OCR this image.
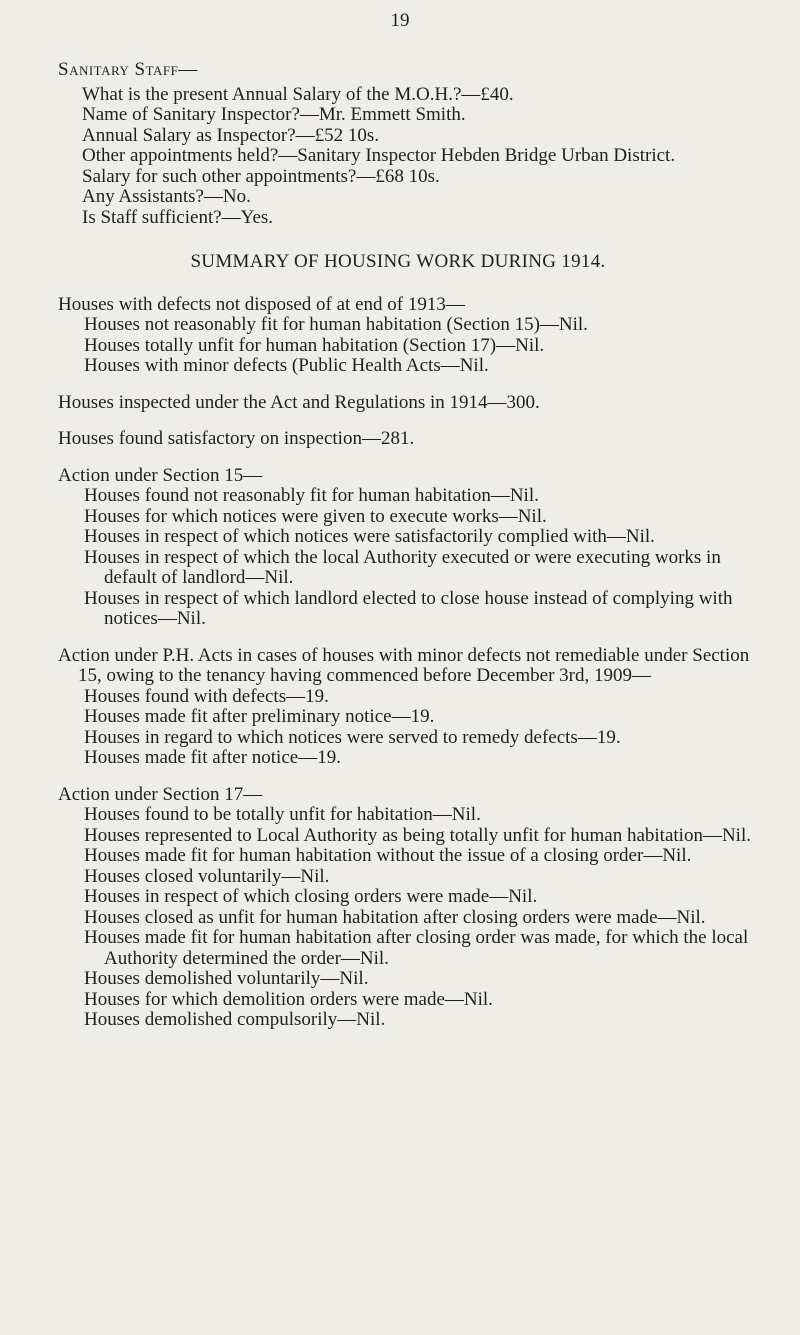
19
Sanitary Staff—

What is the present Annual Salary of the M.O.H.?—£40.

Name of Sanitary Inspector?—Mr. Emmett Smith.

Annual Salary as Inspector?—£52 10s.

Other appointments held?—Sanitary Inspector Hebden Bridge Urban District.

Salary for such other appointments?—£68 10s.

Any Assistants?—No.

Is Staff sufficient?—Yes.

SUMMARY OF HOUSING WORK DURING 1914.

Houses with defects not disposed of at end of 1913—

Houses not reasonably fit for human habitation (Section 15)—Nil.

Houses totally unfit for human habitation (Section 17)—Nil.

Houses with minor defects (Public Health Acts—Nil.

Houses inspected under the Act and Regulations in 1914—300.

Houses found satisfactory on inspection—281.

Action under Section 15—

Houses found not reasonably fit for human habitation—Nil.

Houses for which notices were given to execute works—Nil.

Houses in respect of which notices were satisfactorily complied with—Nil.

Houses in respect of which the local Authority executed or were executing works in default of landlord—Nil.

Houses in respect of which landlord elected to close house instead of complying with notices—Nil.

Action under P.H. Acts in cases of houses with minor defects not remediable under Section 15, owing to the tenancy having commenced before December 3rd, 1909—

Houses found with defects—19.

Houses made fit after preliminary notice—19.

Houses in regard to which notices were served to remedy defects—19.

Houses made fit after notice—19.

Action under Section 17—

Houses found to be totally unfit for habitation—Nil.

Houses represented to Local Authority as being totally unfit for human habitation—Nil.

Houses made fit for human habitation without the issue of a closing order—Nil.

Houses closed voluntarily—Nil.

Houses in respect of which closing orders were made—Nil.

Houses closed as unfit for human habitation after closing orders were made—Nil.

Houses made fit for human habitation after closing order was made, for which the local Authority determined the order—Nil.

Houses demolished voluntarily—Nil.

Houses for which demolition orders were made—Nil.

Houses demolished compulsorily—Nil.
